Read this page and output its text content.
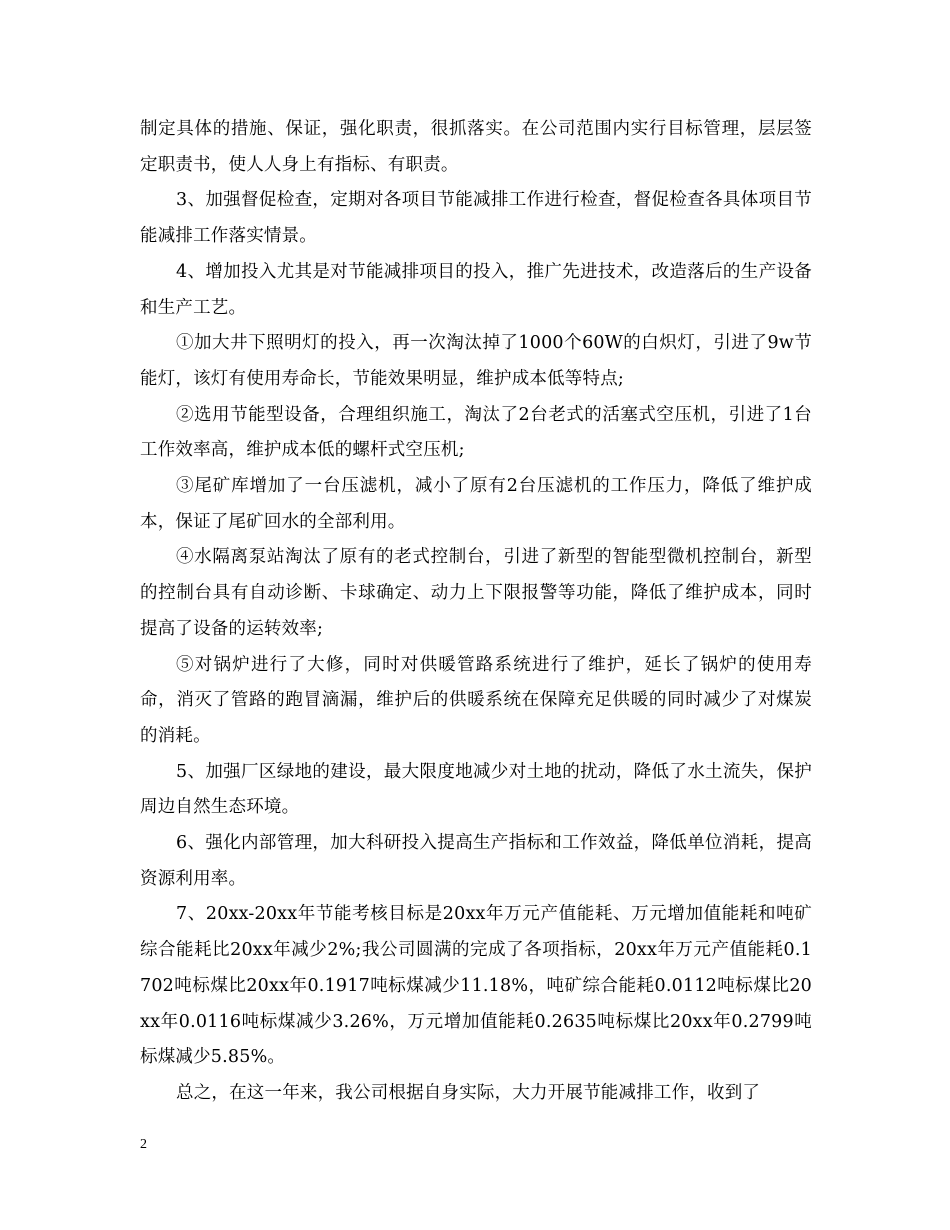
制定具体的措施、保证，强化职责，很抓落实。在公司范围内实行目标管理，层层签定职责书，使人人身上有指标、有职责。

3、加强督促检查，定期对各项目节能减排工作进行检查，督促检查各具体项目节能减排工作落实情景。

4、增加投入尤其是对节能减排项目的投入，推广先进技术，改造落后的生产设备和生产工艺。

①加大井下照明灯的投入，再一次淘汰掉了1000个60W的白炽灯，引进了9w节能灯，该灯有使用寿命长，节能效果明显，维护成本低等特点;

②选用节能型设备，合理组织施工，淘汰了2台老式的活塞式空压机，引进了1台工作效率高，维护成本低的螺杆式空压机;

③尾矿库增加了一台压滤机，减小了原有2台压滤机的工作压力，降低了维护成本，保证了尾矿回水的全部利用。

④水隔离泵站淘汰了原有的老式控制台，引进了新型的智能型微机控制台，新型的控制台具有自动诊断、卡球确定、动力上下限报警等功能，降低了维护成本，同时提高了设备的运转效率;

⑤对锅炉进行了大修，同时对供暖管路系统进行了维护，延长了锅炉的使用寿命，消灭了管路的跑冒滴漏，维护后的供暖系统在保障充足供暖的同时减少了对煤炭的消耗。

5、加强厂区绿地的建设，最大限度地减少对土地的扰动，降低了水土流失，保护周边自然生态环境。

6、强化内部管理，加大科研投入提高生产指标和工作效益，降低单位消耗，提高资源利用率。

7、20xx-20xx年节能考核目标是20xx年万元产值能耗、万元增加值能耗和吨矿综合能耗比20xx年减少2%;我公司圆满的完成了各项指标，20xx年万元产值能耗0.1702吨标煤比20xx年0.1917吨标煤减少11.18%，吨矿综合能耗0.0112吨标煤比20xx年0.0116吨标煤减少3.26%，万元增加值能耗0.2635吨标煤比20xx年0.2799吨标煤减少5.85%。

总之，在这一年来，我公司根据自身实际，大力开展节能减排工作，收到了

2
